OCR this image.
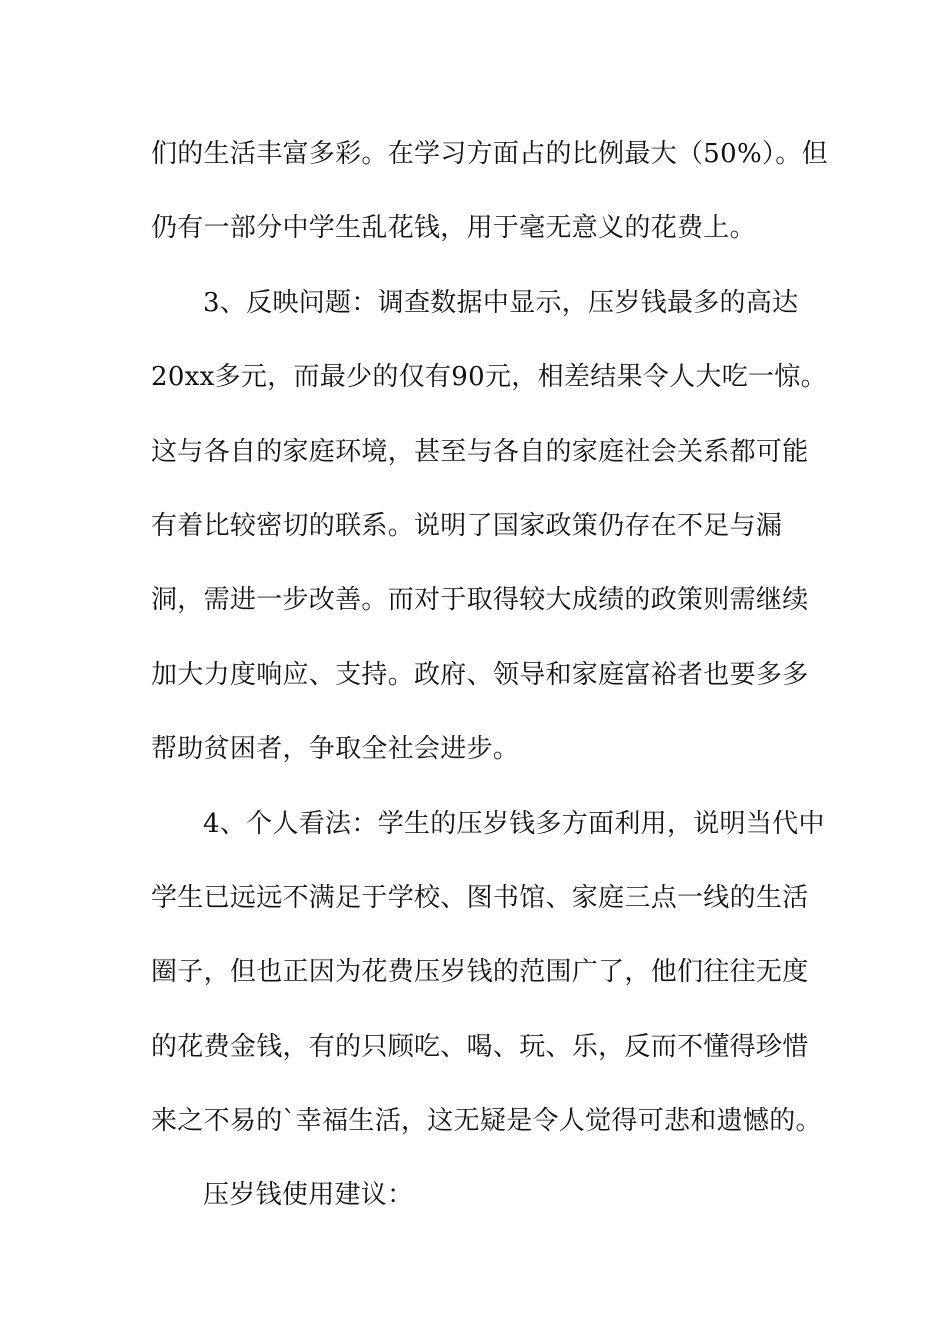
们的生活丰富多彩。在学习方面占的比例最大（50%）。但
仍有一部分中学生乱花钱，用于毫无意义的花费上。
3、反映问题：调查数据中显示，压岁钱最多的高达
20xx多元，而最少的仅有90元，相差结果令人大吃一惊。
这与各自的家庭环境，甚至与各自的家庭社会关系都可能
有着比较密切的联系。说明了国家政策仍存在不足与漏
洞，需进一步改善。而对于取得较大成绩的政策则需继续
加大力度响应、支持。政府、领导和家庭富裕者也要多多
帮助贫困者，争取全社会进步。
4、个人看法：学生的压岁钱多方面利用，说明当代中
学生已远远不满足于学校、图书馆、家庭三点一线的生活
圈子，但也正因为花费压岁钱的范围广了，他们往往无度
的花费金钱，有的只顾吃、喝、玩、乐，反而不懂得珍惜
来之不易的`幸福生活，这无疑是令人觉得可悲和遗憾的。
压岁钱使用建议：
